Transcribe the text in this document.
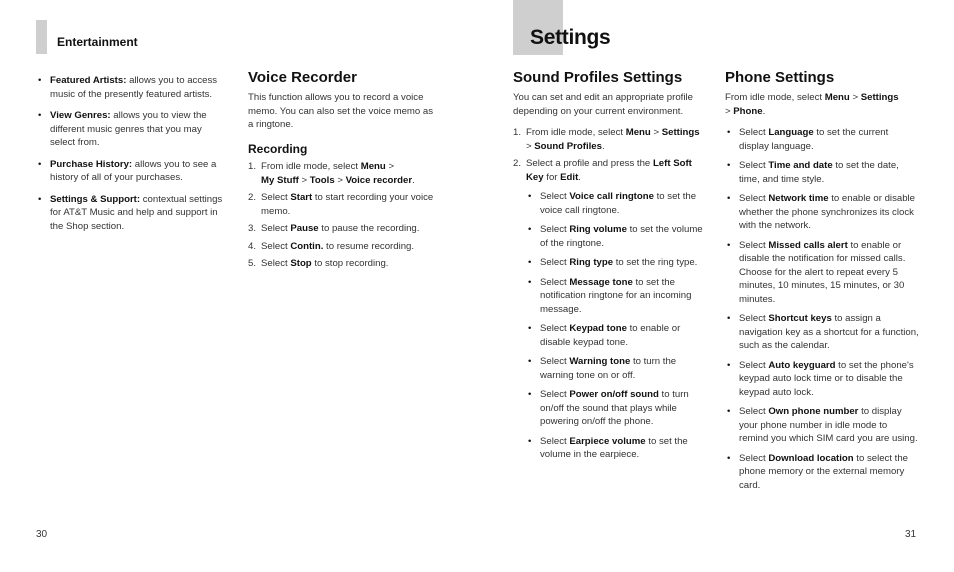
Entertainment	Settings
• Featured Artists: allows you to access music of the presently featured artists.
• View Genres: allows you to view the different music genres that you may select from.
• Purchase History: allows you to see a history of all of your purchases.
• Settings & Support: contextual settings for AT&T Music and help and support in the Shop section.
Voice Recorder

This function allows you to record a voice memo. You can also set the voice memo as a ringtone.

Recording
1. From idle mode, select Menu >
My Stuff > Tools > Voice recorder.
2. Select Start to start recording your voice memo.
3. Select Pause to pause the recording.
4. Select Contin. to resume recording.
5. Select Stop to stop recording.
Sound Profiles Settings

You can set and edit an appropriate profile depending on your current environment.

1. From idle mode, select Menu > Settings
> Sound Profiles.
2. Select a profile and press the Left Soft Key for Edit.
• Select Voice call ringtone to set the voice call ringtone.
• Select Ring volume to set the volume of the ringtone.
• Select Ring type to set the ring type.
• Select Message tone to set the notification ringtone for an incoming message.
• Select Keypad tone to enable or disable keypad tone.
• Select Warning tone to turn the warning tone on or off.
• Select Power on/off sound to turn on/off the sound that plays while powering on/off the phone.
• Select Earpiece volume to set the volume in the earpiece.
Phone Settings

From idle mode, select Menu > Settings
> Phone.

• Select Language to set the current display language.
• Select Time and date to set the date, time, and time style.
• Select Network time to enable or disable whether the phone synchronizes its clock with the network.
• Select Missed calls alert to enable or disable the notification for missed calls. Choose for the alert to repeat every 5 minutes, 10 minutes, 15 minutes, or 30 minutes.
• Select Shortcut keys to assign a navigation key as a shortcut for a function, such as the calendar.
• Select Auto keyguard to set the phone's keypad auto lock time or to disable the keypad auto lock.
• Select Own phone number to display your phone number in idle mode to remind you which SIM card you are using.
• Select Download location to select the phone memory or the external memory card.
30	31
